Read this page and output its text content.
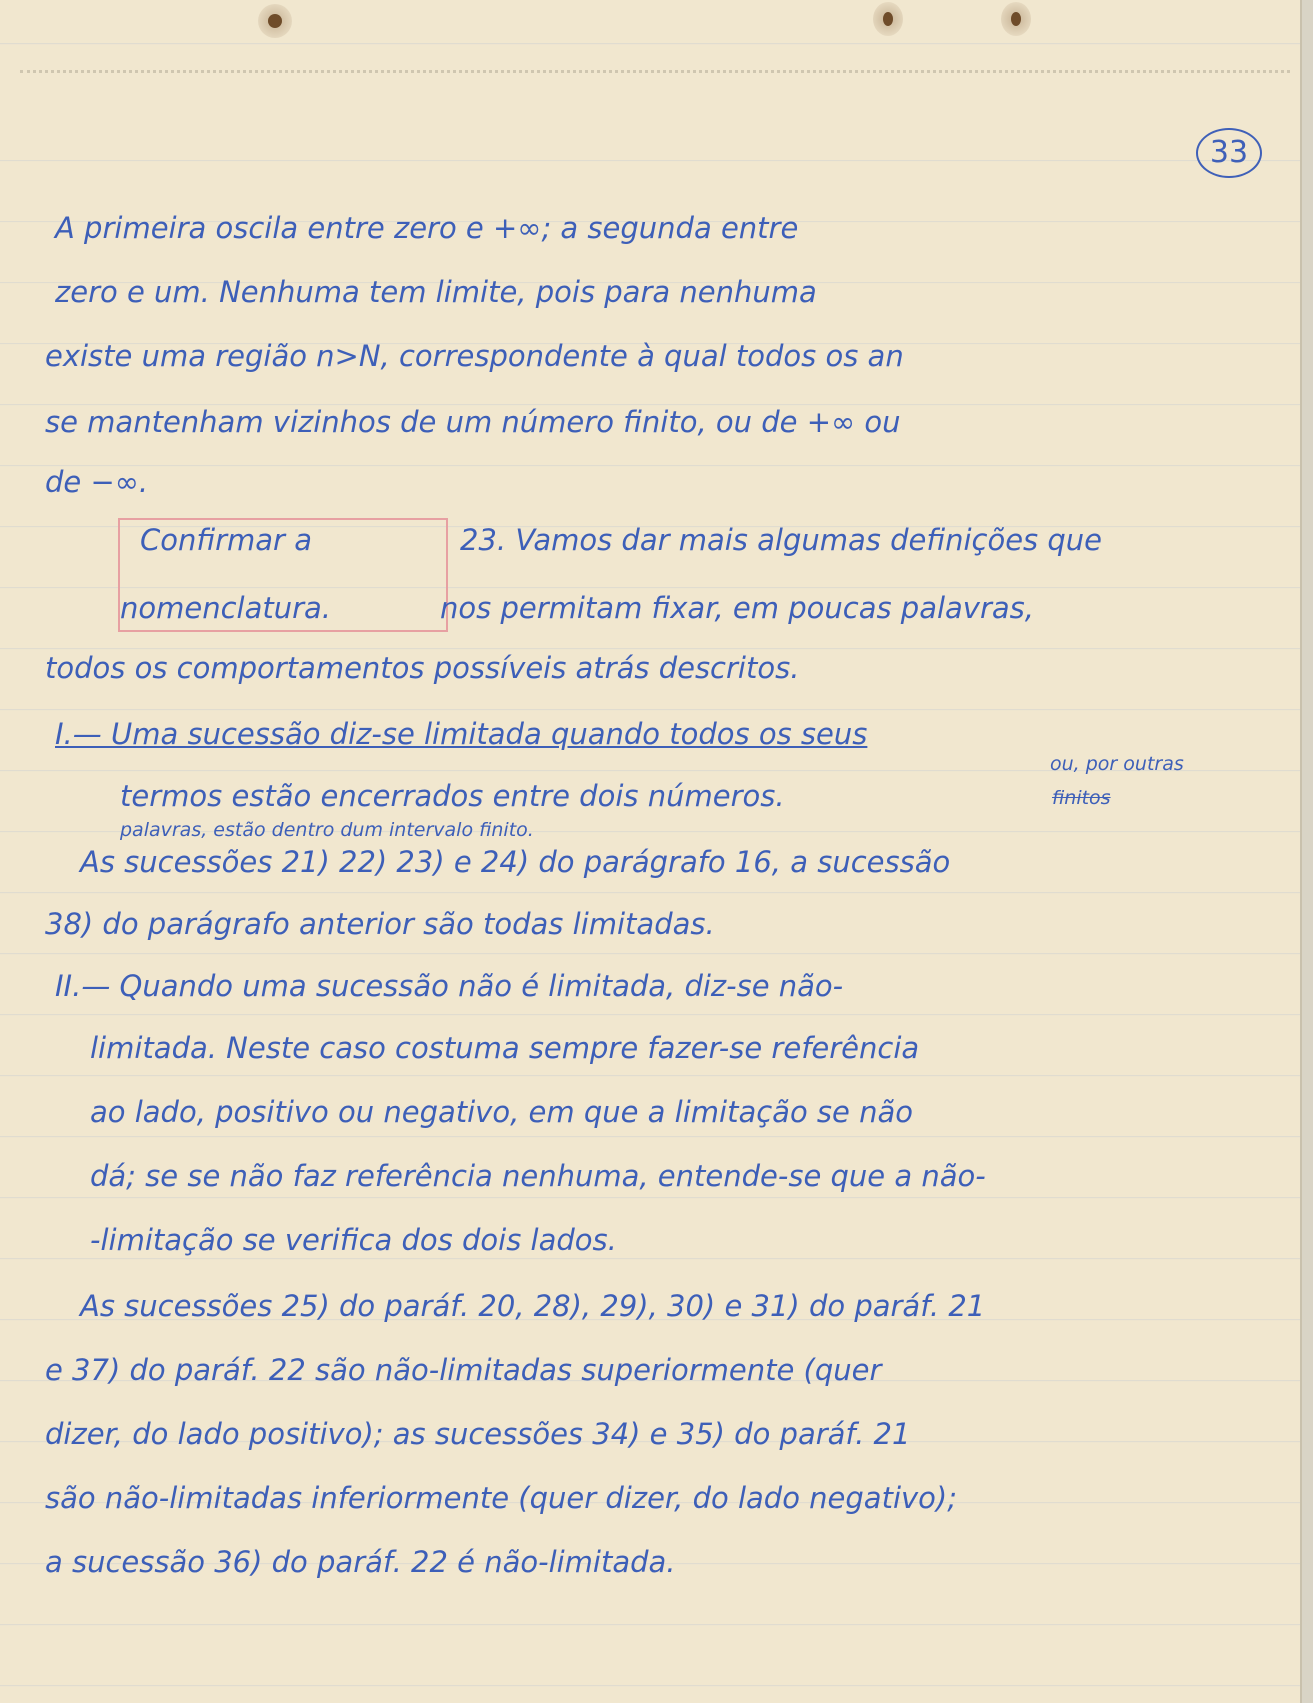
33
Confirmar a
nomenclatura.
A primeira oscila entre zero e +∞; a segunda entre
zero e um. Nenhuma tem limite, pois para nenhuma
existe uma região n>N, correspondente à qual todos os an
se mantenham vizinhos de um número finito, ou de +∞ ou
de −∞.
23. Vamos dar mais algumas definições que
nos permitam fixar, em poucas palavras,
todos os comportamentos possíveis atrás descritos.
I.— Uma sucessão diz-se limitada quando todos os seus
ou, por outras
termos estão encerrados entre dois números.	finitos
palavras, estão dentro dum intervalo finito.
As sucessões 21) 22) 23) e 24) do parágrafo 16, a sucessão
38) do parágrafo anterior são todas limitadas.
II.— Quando uma sucessão não é limitada, diz-se não-
limitada. Neste caso costuma sempre fazer-se referência
ao lado, positivo ou negativo, em que a limitação se não
dá; se se não faz referência nenhuma, entende-se que a não-
-limitação se verifica dos dois lados.
As sucessões 25) do paráf. 20, 28), 29), 30) e 31) do paráf. 21
e 37) do paráf. 22 são não-limitadas superiormente (quer
dizer, do lado positivo); as sucessões 34) e 35) do paráf. 21
são não-limitadas inferiormente (quer dizer, do lado negativo);
a sucessão 36) do paráf. 22 é não-limitada.
